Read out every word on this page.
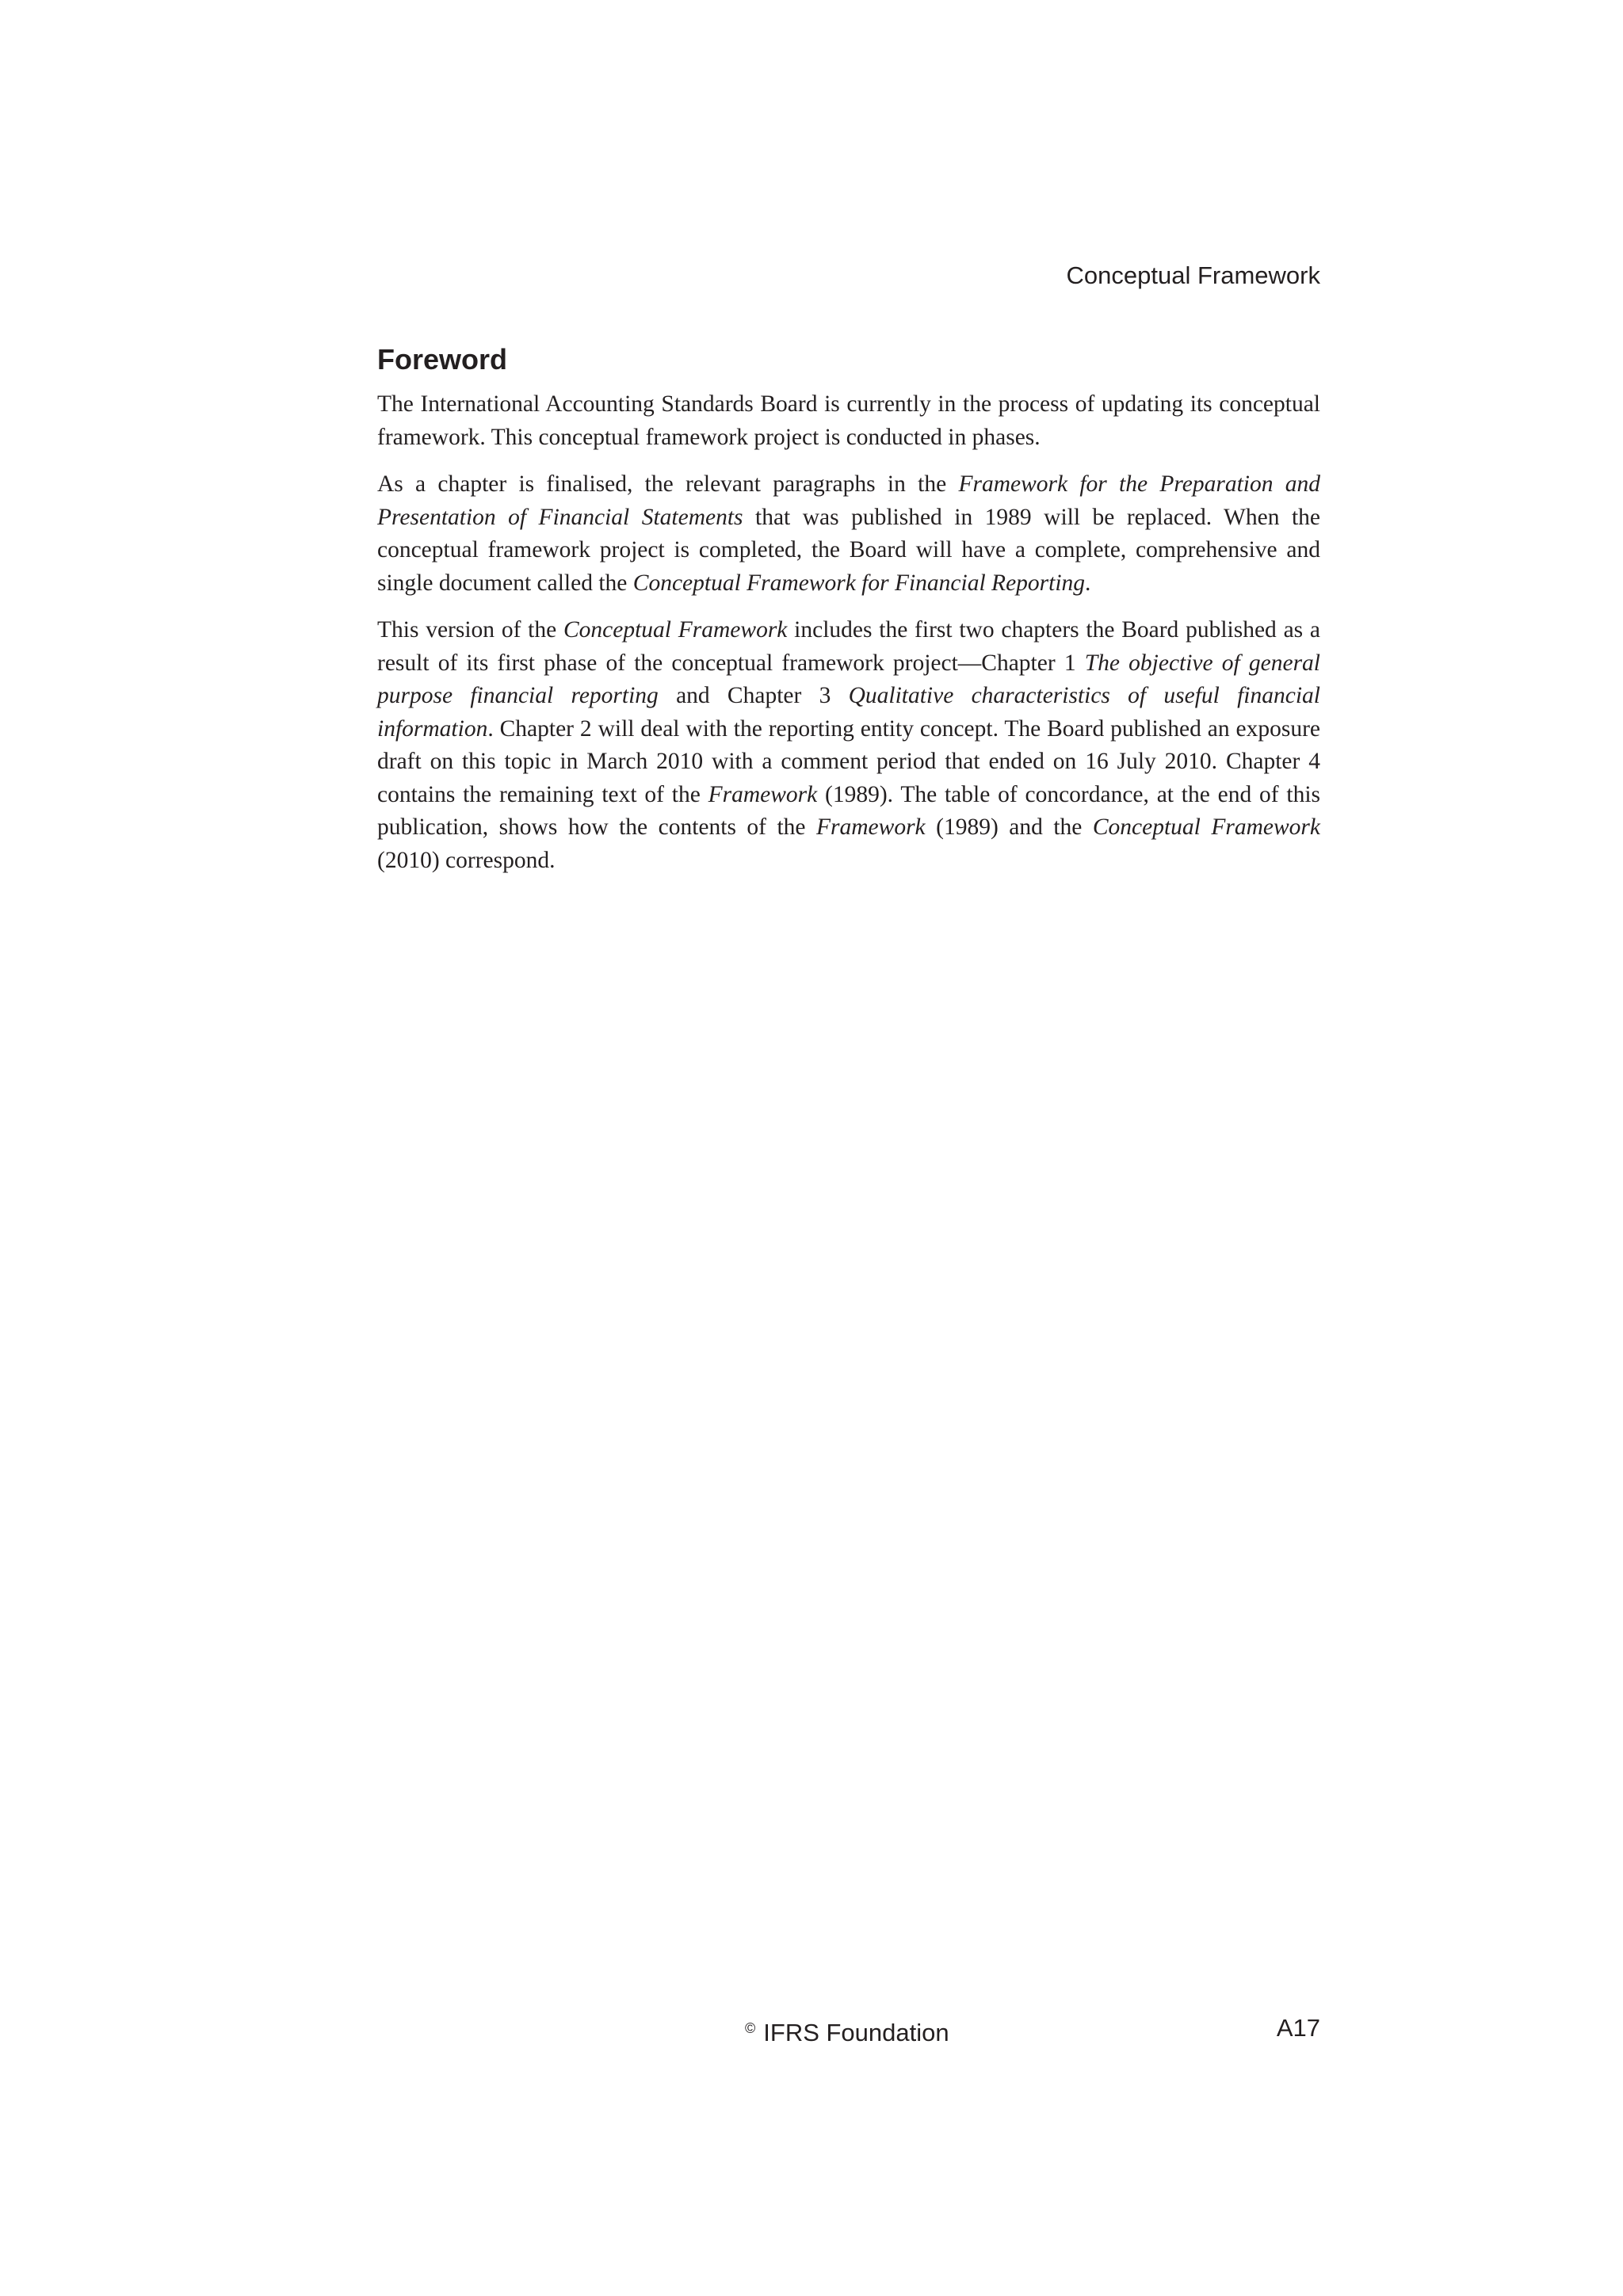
Conceptual Framework
Foreword

The International Accounting Standards Board is currently in the process of updating its conceptual framework. This conceptual framework project is conducted in phases.

As a chapter is finalised, the relevant paragraphs in the Framework for the Preparation and Presentation of Financial Statements that was published in 1989 will be replaced. When the conceptual framework project is completed, the Board will have a complete, comprehensive and single document called the Conceptual Framework for Financial Reporting.

This version of the Conceptual Framework includes the first two chapters the Board published as a result of its first phase of the conceptual framework project—Chapter 1 The objective of general purpose financial reporting and Chapter 3 Qualitative characteristics of useful financial information. Chapter 2 will deal with the reporting entity concept. The Board published an exposure draft on this topic in March 2010 with a comment period that ended on 16 July 2010. Chapter 4 contains the remaining text of the Framework (1989). The table of concordance, at the end of this publication, shows how the contents of the Framework (1989) and the Conceptual Framework (2010) correspond.

© IFRS Foundation	A17
